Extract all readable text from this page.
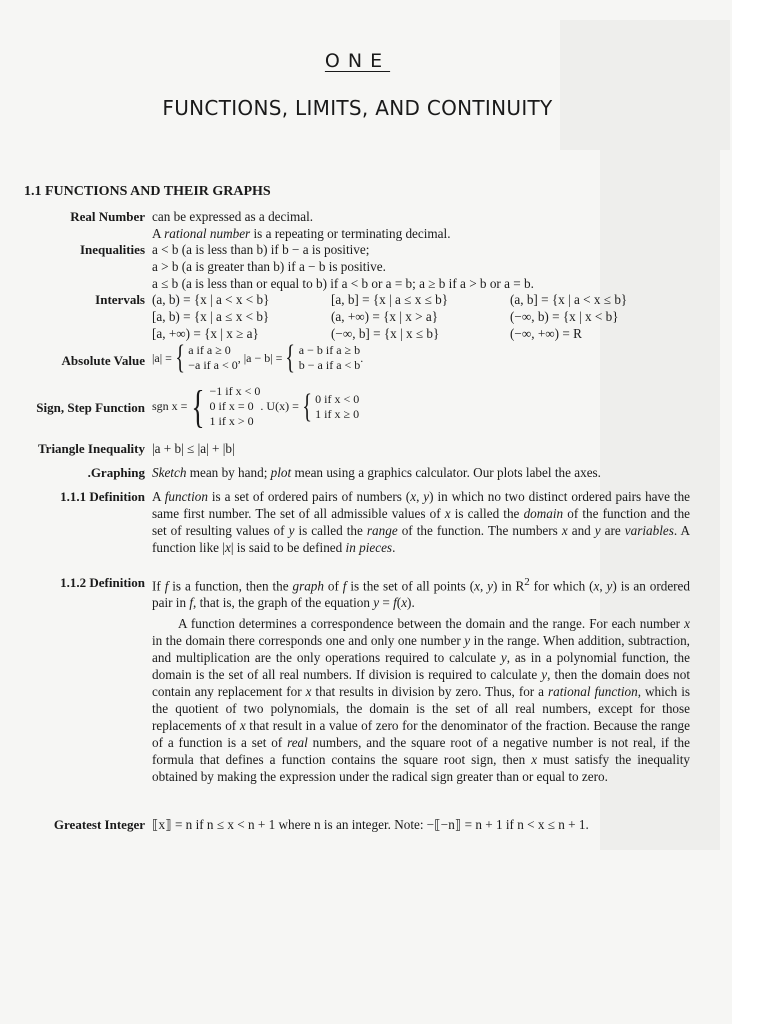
ONE
FUNCTIONS, LIMITS, AND CONTINUITY
1.1 FUNCTIONS AND THEIR GRAPHS
Real Number can be expressed as a decimal.
A rational number is a repeating or terminating decimal.
Inequalities a < b (a is less than b) if b − a is positive;
a > b (a is greater than b) if a − b is positive.
a ≤ b (a is less than or equal to b) if a < b or a = b; a ≥ b if a > b or a = b.
Intervals (a, b) = {x | a < x < b}
[a, b) = {x | a ≤ x < b}
[a, +∞) = {x | x ≥ a}
[a, b] = {x | a ≤ x ≤ b}
(a, +∞) = {x | x > a}
(−∞, b] = {x | x ≤ b}
(a, b] = {x | a < x ≤ b}
(−∞, b) = {x | x < b}
(−∞, +∞) = R
Absolute Value |a| ={ a if a ≥ 0
−a if a < 0
, |a − b| ={ a − b if a ≥ b
b − a if a < b
.
Sign, Step Function sgn x ={ −1 if x < 0
0 if x = 0
1 if x > 0
. U(x) ={ 0 if x < 0
1 if x ≥ 0
Triangle Inequality |a + b| ≤ |a| + |b|
.Graphing Sketch mean by hand; plot mean using a graphics calculator. Our plots label the axes.
1.1.1 Definition A function is a set of ordered pairs of numbers (x, y) in which no two distinct ordered pairs have the same first number. The set of all admissible values of x is called the domain of the function and the set of resulting values of y is called the range of the function. The numbers x and y are variables. A function like |x| is said to be defined in pieces.
1.1.2 Definition If f is a function, then the graph of f is the set of all points (x, y) in $R^2$ for which (x, y) is an ordered pair in f, that is, the graph of the equation y = f(x).
A function determines a correspondence between the domain and the range. For each number x in the domain there corresponds one and only one number y in the range. When addition, subtraction, and multiplication are the only operations required to calculate y, as in a polynomial function, the domain is the set of all real numbers. If division is required to calculate y, then the domain does not contain any replacement for x that results in division by zero. Thus, for a rational function, which is the quotient of two polynomials, the domain is the set of all real numbers, except for those replacements of x that result in a value of zero for the denominator of the fraction. Because the range of a function is a set of real numbers, and the square root of a negative number is not real, if the formula that defines a function contains the square root sign, then x must satisfy the inequality obtained by making the expression under the radical sign greater than or equal to zero.
Greatest Integer ⟦x⟧ = n if n ≤ x < n + 1 where n is an integer. Note: −⟦−n⟧ = n + 1 if n < x ≤ n + 1.
